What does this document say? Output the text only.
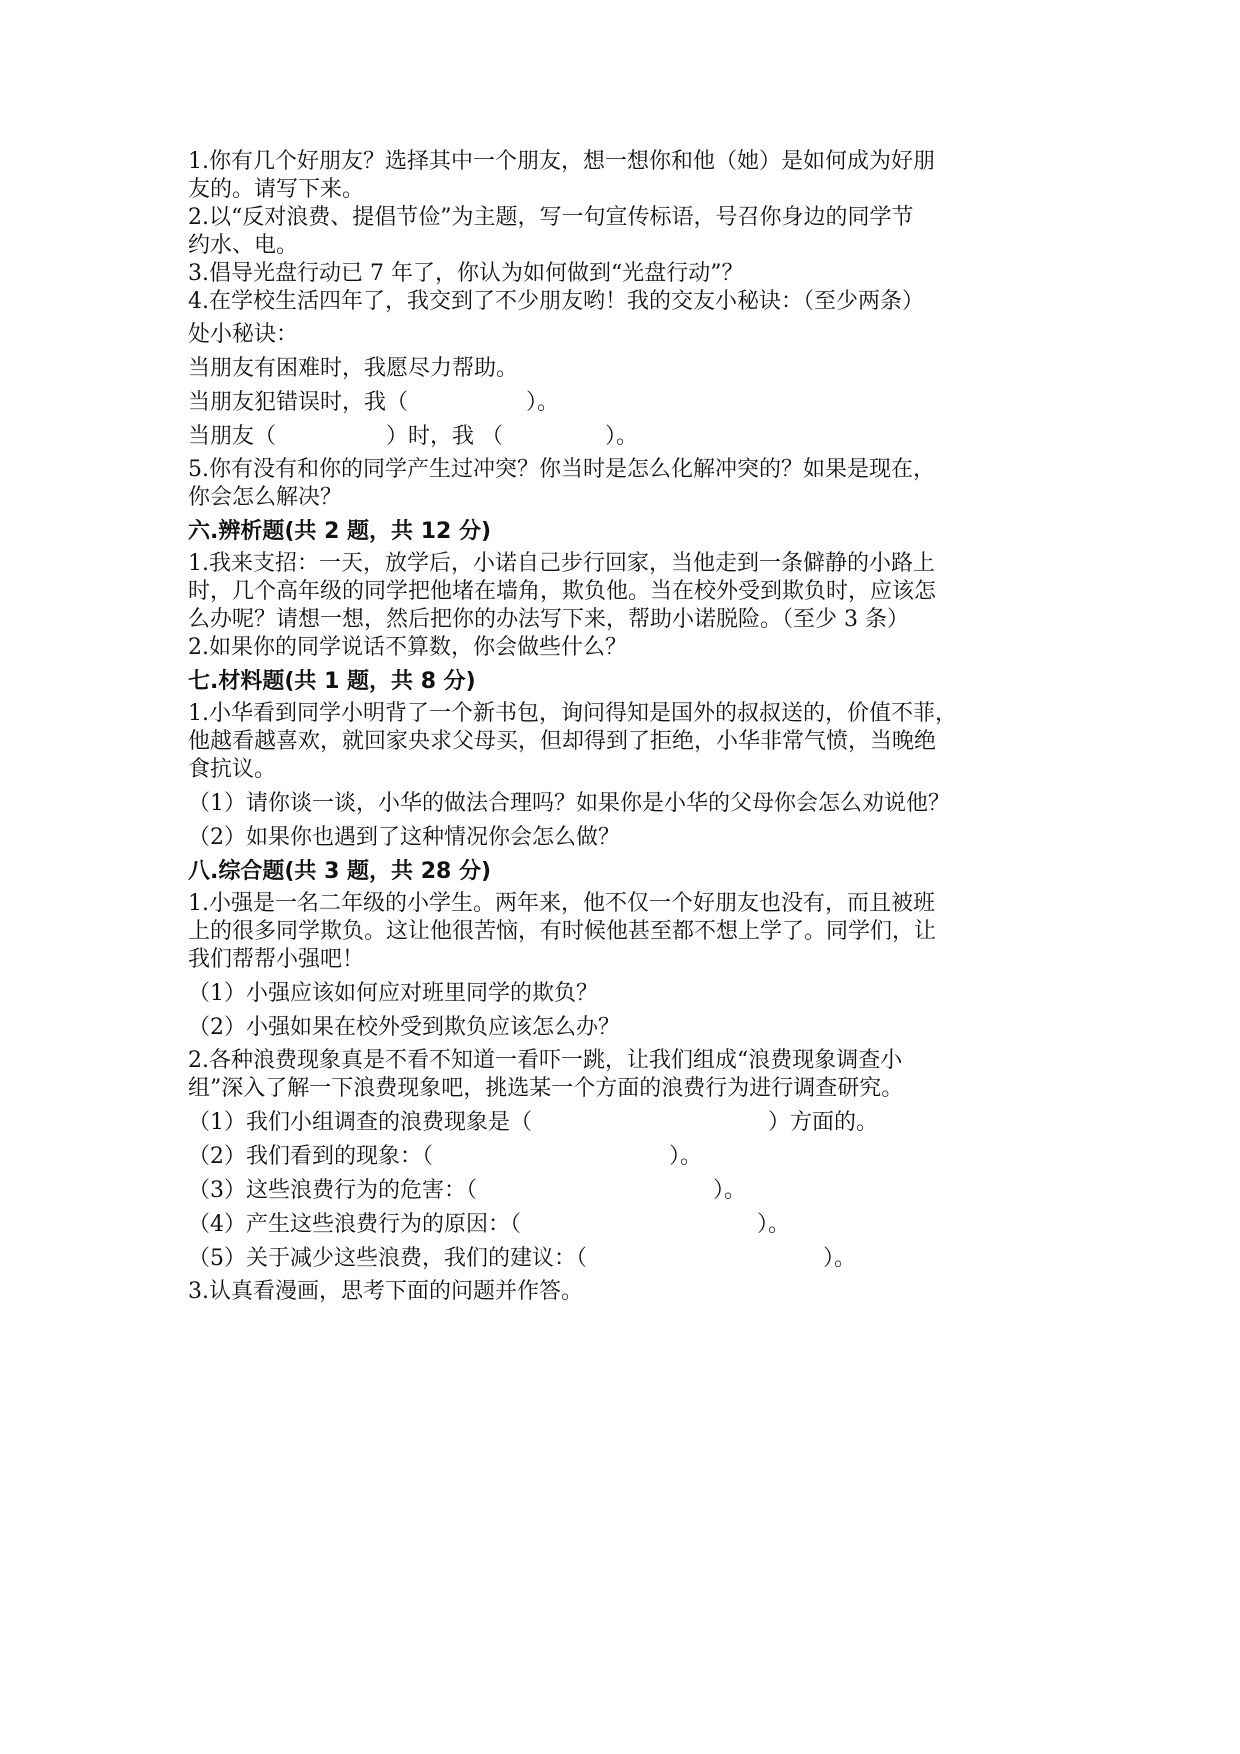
1.你有几个好朋友？选择其中一个朋友，想一想你和他（她）是如何成为好朋

友的。请写下来。

2.以“反对浪费、提倡节俭”为主题，写一句宣传标语，号召你身边的同学节

约水、电。

3.倡导光盘行动已 7 年了，你认为如何做到“光盘行动”？

4.在学校生活四年了，我交到了不少朋友哟！我的交友小秘诀：（至少两条）

处小秘诀：

当朋友有困难时，我愿尽力帮助。

当朋友犯错误时，我（	）。

当朋友（	）时，我 （	）。

5.你有没有和你的同学产生过冲突？你当时是怎么化解冲突的？如果是现在，

你会怎么解决？

六.辨析题(共 2 题，共 12 分)

1.我来支招：一天，放学后，小诺自己步行回家，当他走到一条僻静的小路上

时，几个高年级的同学把他堵在墙角，欺负他。当在校外受到欺负时，应该怎

么办呢？请想一想，然后把你的办法写下来，帮助小诺脱险。（至少 3 条）

2.如果你的同学说话不算数，你会做些什么？

七.材料题(共 1 题，共 8 分)

1.小华看到同学小明背了一个新书包，询问得知是国外的叔叔送的，价值不菲，

他越看越喜欢，就回家央求父母买，但却得到了拒绝，小华非常气愤，当晚绝

食抗议。

（1）请你谈一谈，小华的做法合理吗？如果你是小华的父母你会怎么劝说他？

（2）如果你也遇到了这种情况你会怎么做？

八.综合题(共 3 题，共 28 分)

1.小强是一名二年级的小学生。两年来，他不仅一个好朋友也没有，而且被班

上的很多同学欺负。这让他很苦恼，有时候他甚至都不想上学了。同学们，让

我们帮帮小强吧！

（1）小强应该如何应对班里同学的欺负？

（2）小强如果在校外受到欺负应该怎么办？

2.各种浪费现象真是不看不知道一看吓一跳，让我们组成“浪费现象调查小

组”深入了解一下浪费现象吧，挑选某一个方面的浪费行为进行调查研究。

（1）我们小组调查的浪费现象是（	）方面的。

（2）我们看到的现象：（	）。

（3）这些浪费行为的危害：（	）。

（4）产生这些浪费行为的原因：（	）。

（5）关于减少这些浪费，我们的建议：（	）。

3.认真看漫画，思考下面的问题并作答。
